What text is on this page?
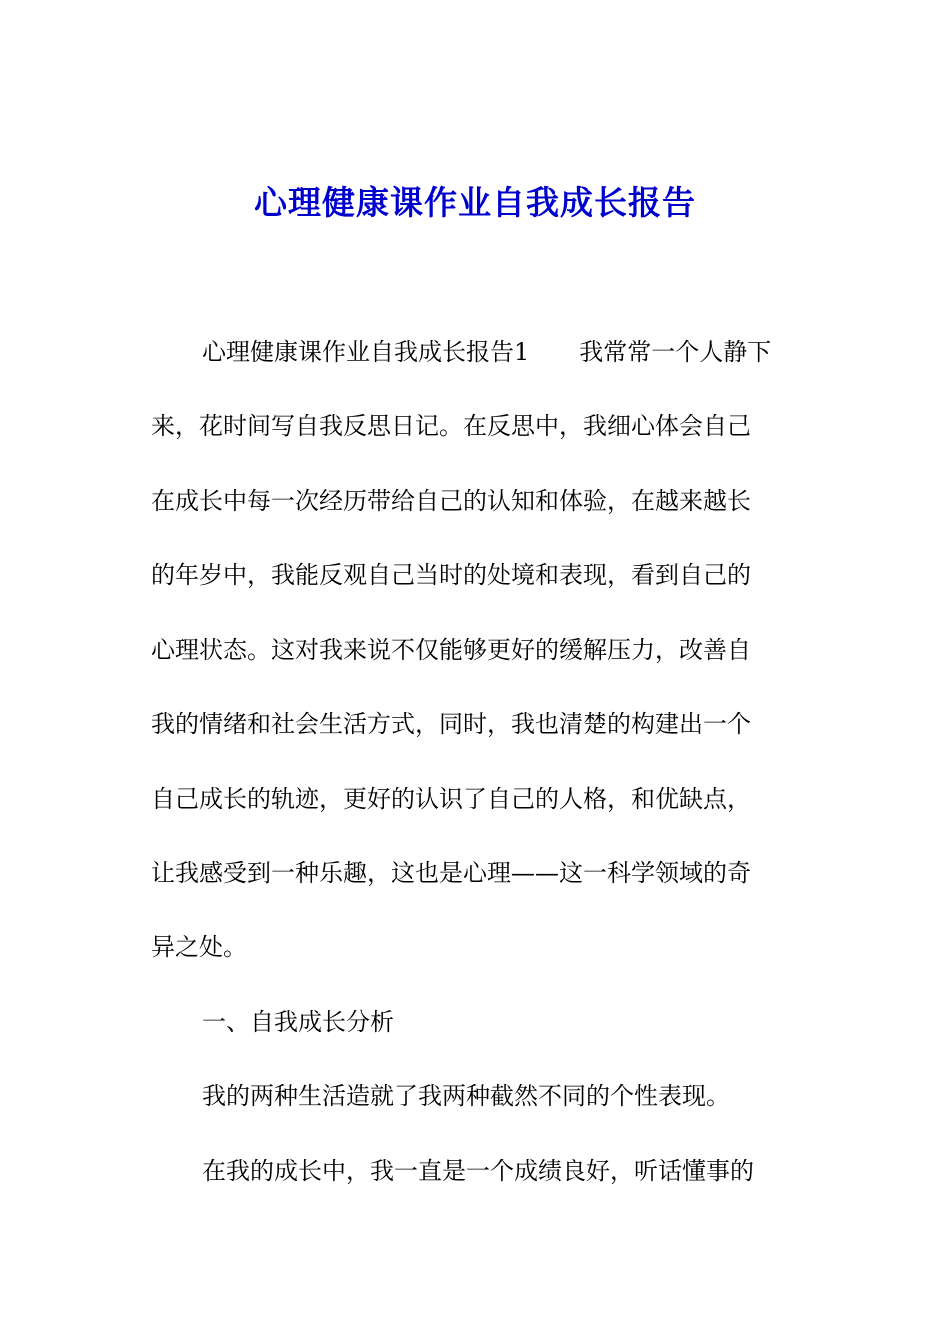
心理健康课作业自我成长报告
心理健康课作业自我成长报告1 我常常一个人静下
来，花时间写自我反思日记。在反思中，我细心体会自己
在成长中每一次经历带给自己的认知和体验，在越来越长
的年岁中，我能反观自己当时的处境和表现，看到自己的
心理状态。这对我来说不仅能够更好的缓解压力，改善自
我的情绪和社会生活方式，同时，我也清楚的构建出一个
自己成长的轨迹，更好的认识了自己的人格，和优缺点，
让我感受到一种乐趣，这也是心理——这一科学领域的奇
异之处。
一、自我成长分析
我的两种生活造就了我两种截然不同的个性表现。
在我的成长中，我一直是一个成绩良好，听话懂事的
